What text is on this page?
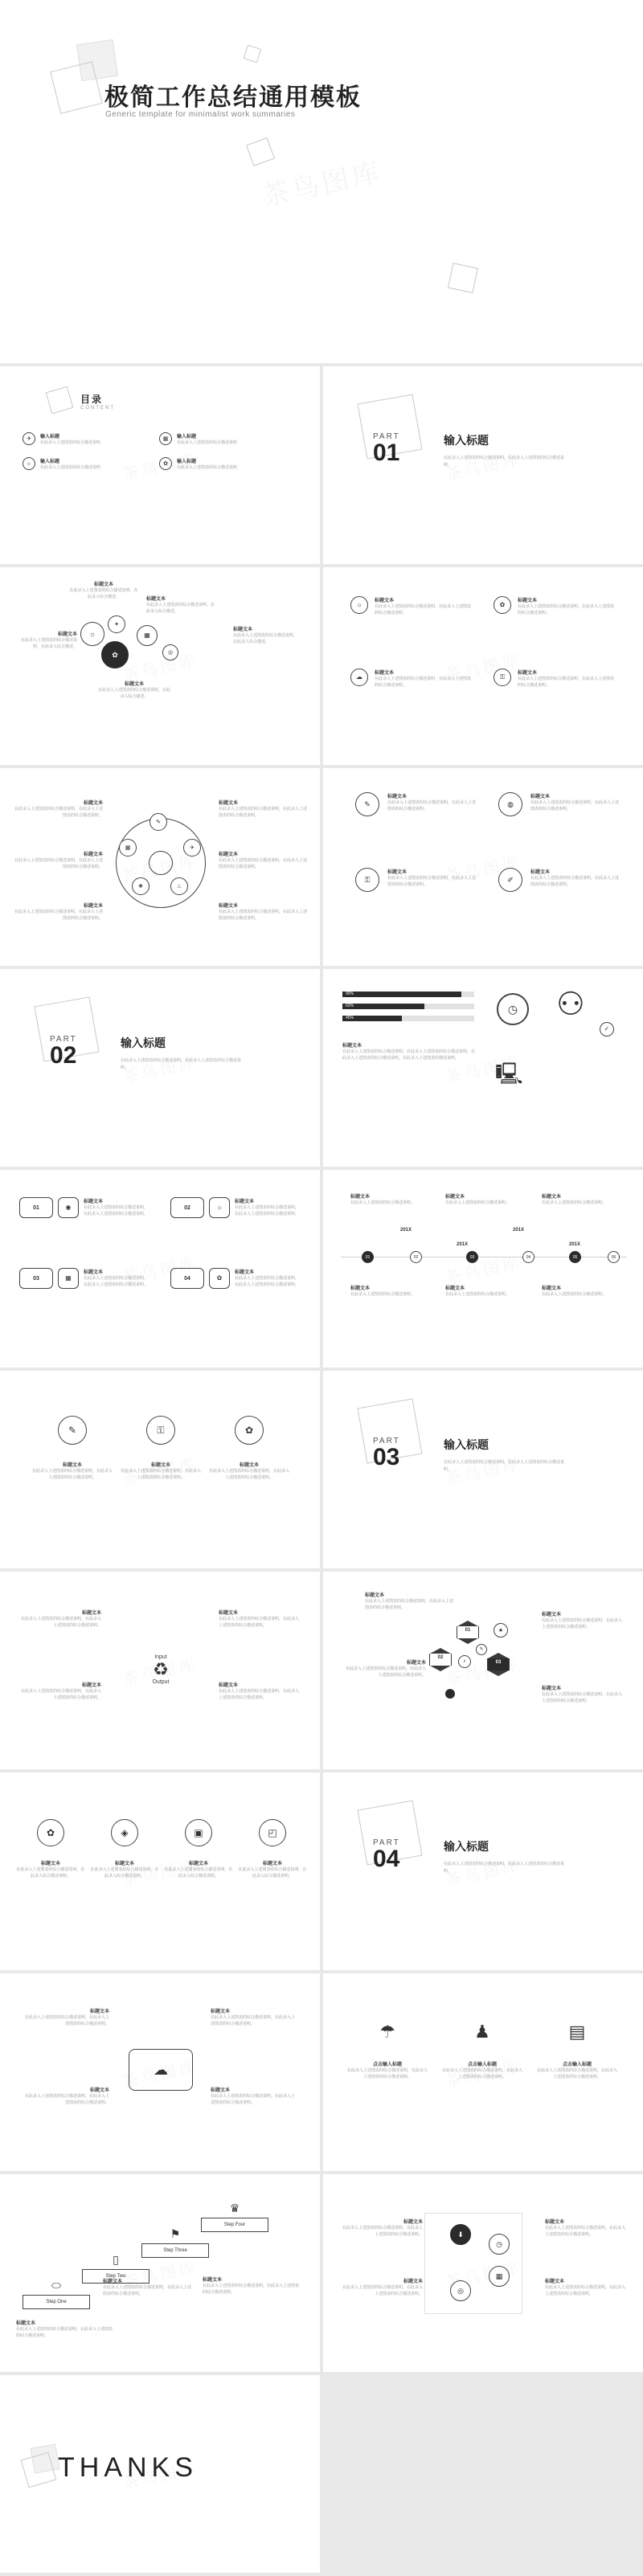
极简工作总结通用模板
Generic template for minimalist work summaries
目录
CONTENT
✈ 输入标题
在此录入上述图表的综合描述说明
▦ 输入标题
在此录入上述图表的综合描述说明
☼ 输入标题
在此录入上述图表的综合描述说明
✿ 输入标题
在此录入上述图表的综合描述说明
PART
01	输入标题
在此录入上述图表的综合描述说明，在此录入上述图表的综合描述说明。
标题文本
在此录入上述图表的综合描述说明，在此录入综合描述。	标题文本
在此录入上述图表的综合描述说明，在此录入综合描述。
标题文本
在此录入上述图表的综合描述说明，在此录入综合描述。
标题文本
在此录入上述图表的综合描述说明，在此录入综合描述。
标题文本
在此录入上述图表的综合描述说明，在此录入综合描述。
☼
✦
✿
▦
◎
☼	标题文本
在此录入上述图表的综合描述说明，在此录入上述图表的综合描述说明。
✿	标题文本
在此录入上述图表的综合描述说明，在此录入上述图表的综合描述说明。
☁	标题文本
在此录入上述图表的综合描述说明，在此录入上述图表的综合描述说明。
⚿	标题文本
在此录入上述图表的综合描述说明，在此录入上述图表的综合描述说明。
✎
✈
♨
❖
▦
标题文本
在此录入上述图表的综合描述说明，在此录入上述图表的综合描述说明。
标题文本
在此录入上述图表的综合描述说明，在此录入上述图表的综合描述说明。
标题文本
在此录入上述图表的综合描述说明，在此录入上述图表的综合描述说明。
标题文本
在此录入上述图表的综合描述说明，在此录入上述图表的综合描述说明。
标题文本
在此录入上述图表的综合描述说明，在此录入上述图表的综合描述说明。
标题文本
在此录入上述图表的综合描述说明，在此录入上述图表的综合描述说明。
✎
标题文本
在此录入上述图表的综合描述说明，在此录入上述图表的综合描述说明。
◍
标题文本
在此录入上述图表的综合描述说明，在此录入上述图表的综合描述说明。
⚿
标题文本
在此录入上述图表的综合描述说明，在此录入上述图表的综合描述说明。
✐
标题文本
在此录入上述图表的综合描述说明，在此录入上述图表的综合描述说明。
PART
02	输入标题
在此录入上述图表的综合描述说明，在此录入上述图表的综合描述说明。
90%
62%
45%
标题文本
在此录入上述图表的综合描述说明，在此录入上述图表的综合描述说明，在此录入上述图表的综合描述说明，在此录入上述图表的描述说明。
◷ ⚇
✓
🖳
01	◉
标题文本
在此录入上述图表的综合描述说明，在此录入上述图表的综合描述说明。
02	☼
标题文本
在此录入上述图表的综合描述说明，在此录入上述图表的综合描述说明。
03	▦
标题文本
在此录入上述图表的综合描述说明，在此录入上述图表的综合描述说明。
04	✿
标题文本
在此录入上述图表的综合描述说明，在此录入上述图表的综合描述说明。
标题文本
在此录入上述图表的综合描述说明。
标题文本
在此录入上述图表的综合描述说明。
标题文本
在此录入上述图表的综合描述说明。
201X
201X
201X
201X
01	02	03	04	05	06
标题文本
在此录入上述图表的综合描述说明。
标题文本
在此录入上述图表的综合描述说明。
标题文本
在此录入上述图表的综合描述说明。
✎
标题文本
在此录入上述图表的综合描述说明，在此录入上述图表的综合描述说明。
⚿
标题文本
在此录入上述图表的综合描述说明，在此录入上述图表的综合描述说明。
✿
标题文本
在此录入上述图表的综合描述说明，在此录入上述图表的综合描述说明。
PART
03	输入标题
在此录入上述图表的综合描述说明，在此录入上述图表的综合描述说明。
Input
♻
Output
标题文本
在此录入上述图表的综合描述说明，在此录入上述图表的综合描述说明。
标题文本
在此录入上述图表的综合描述说明，在此录入上述图表的综合描述说明。
标题文本
在此录入上述图表的综合描述说明，在此录入上述图表的综合描述说明。
标题文本
在此录入上述图表的综合描述说明，在此录入上述图表的综合描述说明。
标题文本
在此录入上述图表的综合描述说明，在此录入上述图表的综合描述说明。
标题文本
在此录入上述图表的综合描述说明，在此录入上述图表的综合描述说明。
标题文本
在此录入上述图表的综合描述说明，在此录入上述图表的综合描述说明。
标题文本
在此录入上述图表的综合描述说明，在此录入上述图表的综合描述说明。
01
02
03
★
⌕
✎
✿
标题文本
在此录入上述图表的综合描述说明，在此录入综合描述说明。
◈
标题文本
在此录入上述图表的综合描述说明，在此录入综合描述说明。
▣
标题文本
在此录入上述图表的综合描述说明，在此录入综合描述说明。
◰
标题文本
在此录入上述图表的综合描述说明，在此录入综合描述说明。
PART
04	输入标题
在此录入上述图表的综合描述说明，在此录入上述图表的综合描述说明。
☁
标题文本
在此录入上述图表的综合描述说明，在此录入上述图表的综合描述说明。
标题文本
在此录入上述图表的综合描述说明，在此录入上述图表的综合描述说明。
标题文本
在此录入上述图表的综合描述说明，在此录入上述图表的综合描述说明。
标题文本
在此录入上述图表的综合描述说明，在此录入上述图表的综合描述说明。
☂
点击输入标题
在此录入上述图表的综合描述说明，在此录入上述图表的综合描述说明。
♟
点击输入标题
在此录入上述图表的综合描述说明，在此录入上述图表的综合描述说明。
▤
点击输入标题
在此录入上述图表的综合描述说明，在此录入上述图表的综合描述说明。
♛
Step Four
⚑
Step Three
▯
Step Two
⬭
Step One
标题文本
在此录入上述图表的综合描述说明，在此录入上述图表的综合描述说明。
标题文本
在此录入上述图表的综合描述说明，在此录入上述图表的综合描述说明。
标题文本
在此录入上述图表的综合描述说明，在此录入上述图表的综合描述说明。
标题文本
在此录入上述图表的综合描述说明，在此录入上述图表的综合描述说明。
标题文本
在此录入上述图表的综合描述说明，在此录入上述图表的综合描述说明。
标题文本
在此录入上述图表的综合描述说明，在此录入上述图表的综合描述说明。
标题文本
在此录入上述图表的综合描述说明，在此录入上述图表的综合描述说明。
⬇
◷
▦
◎
THANKS
